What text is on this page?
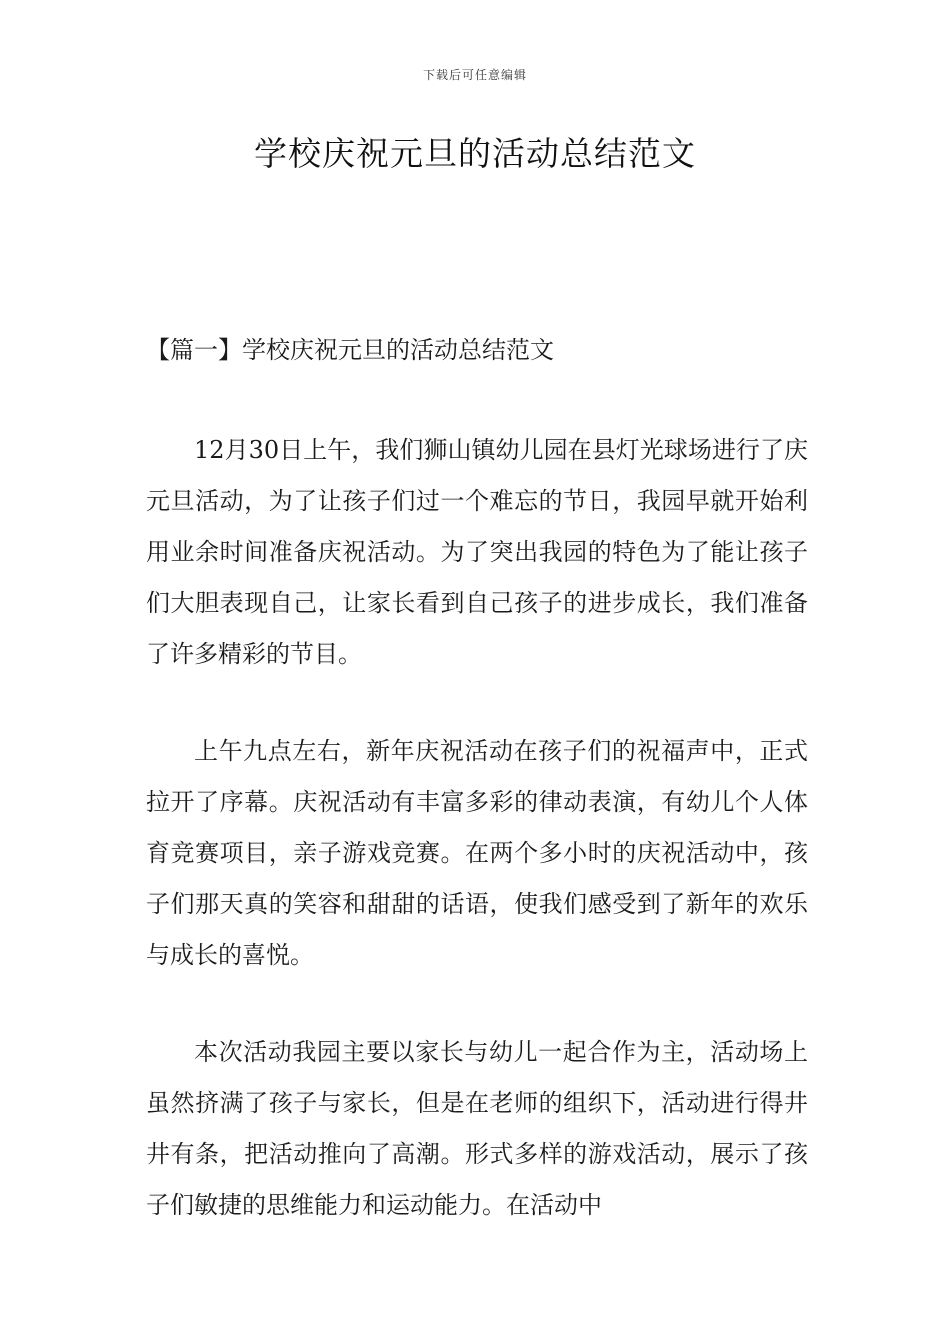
下载后可任意编辑
学校庆祝元旦的活动总结范文
【篇一】学校庆祝元旦的活动总结范文

12月30日上午，我们狮山镇幼儿园在县灯光球场进行了庆元旦活动，为了让孩子们过一个难忘的节日，我园早就开始利用业余时间准备庆祝活动。为了突出我园的特色为了能让孩子们大胆表现自己，让家长看到自己孩子的进步成长，我们准备了许多精彩的节目。

上午九点左右，新年庆祝活动在孩子们的祝福声中，正式拉开了序幕。庆祝活动有丰富多彩的律动表演，有幼儿个人体育竞赛项目，亲子游戏竞赛。在两个多小时的庆祝活动中，孩子们那天真的笑容和甜甜的话语，使我们感受到了新年的欢乐与成长的喜悦。

本次活动我园主要以家长与幼儿一起合作为主，活动场上虽然挤满了孩子与家长，但是在老师的组织下，活动进行得井井有条，把活动推向了高潮。形式多样的游戏活动，展示了孩子们敏捷的思维能力和运动能力。在活动中
